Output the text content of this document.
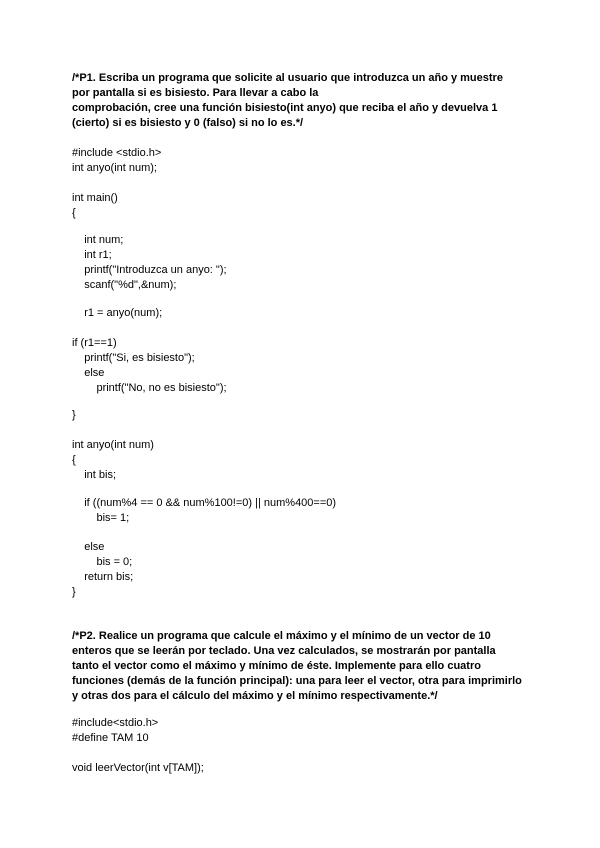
/*P1. Escriba un programa que solicite al usuario que introduzca un año y muestre

por pantalla si es bisiesto. Para llevar a cabo la

comprobación, cree una función bisiesto(int anyo) que reciba el año y devuelva 1

(cierto) si es bisiesto y 0 (falso) si no lo es.*/

#include <stdio.h>

int anyo(int num);

int main()

{

int num;

int r1;

printf("Introduzca un anyo: ");

scanf("%d",&num);

r1 = anyo(num);

if (r1==1)

printf("Si, es bisiesto");

else

printf("No, no es bisiesto");

}

int anyo(int num)

{

int bis;

if ((num%4 == 0 && num%100!=0) || num%400==0)

bis= 1;

else

bis = 0;

return bis;

}

/*P2. Realice un programa que calcule el máximo y el mínimo de un vector de 10

enteros que se leerán por teclado. Una vez calculados, se mostrarán por pantalla

tanto el vector como el máximo y mínimo de éste. Implemente para ello cuatro

funciones (demás de la función principal): una para leer el vector, otra para imprimirlo

y otras dos para el cálculo del máximo y el mínimo respectivamente.*/

#include<stdio.h>

#define TAM 10

void leerVector(int v[TAM]);
